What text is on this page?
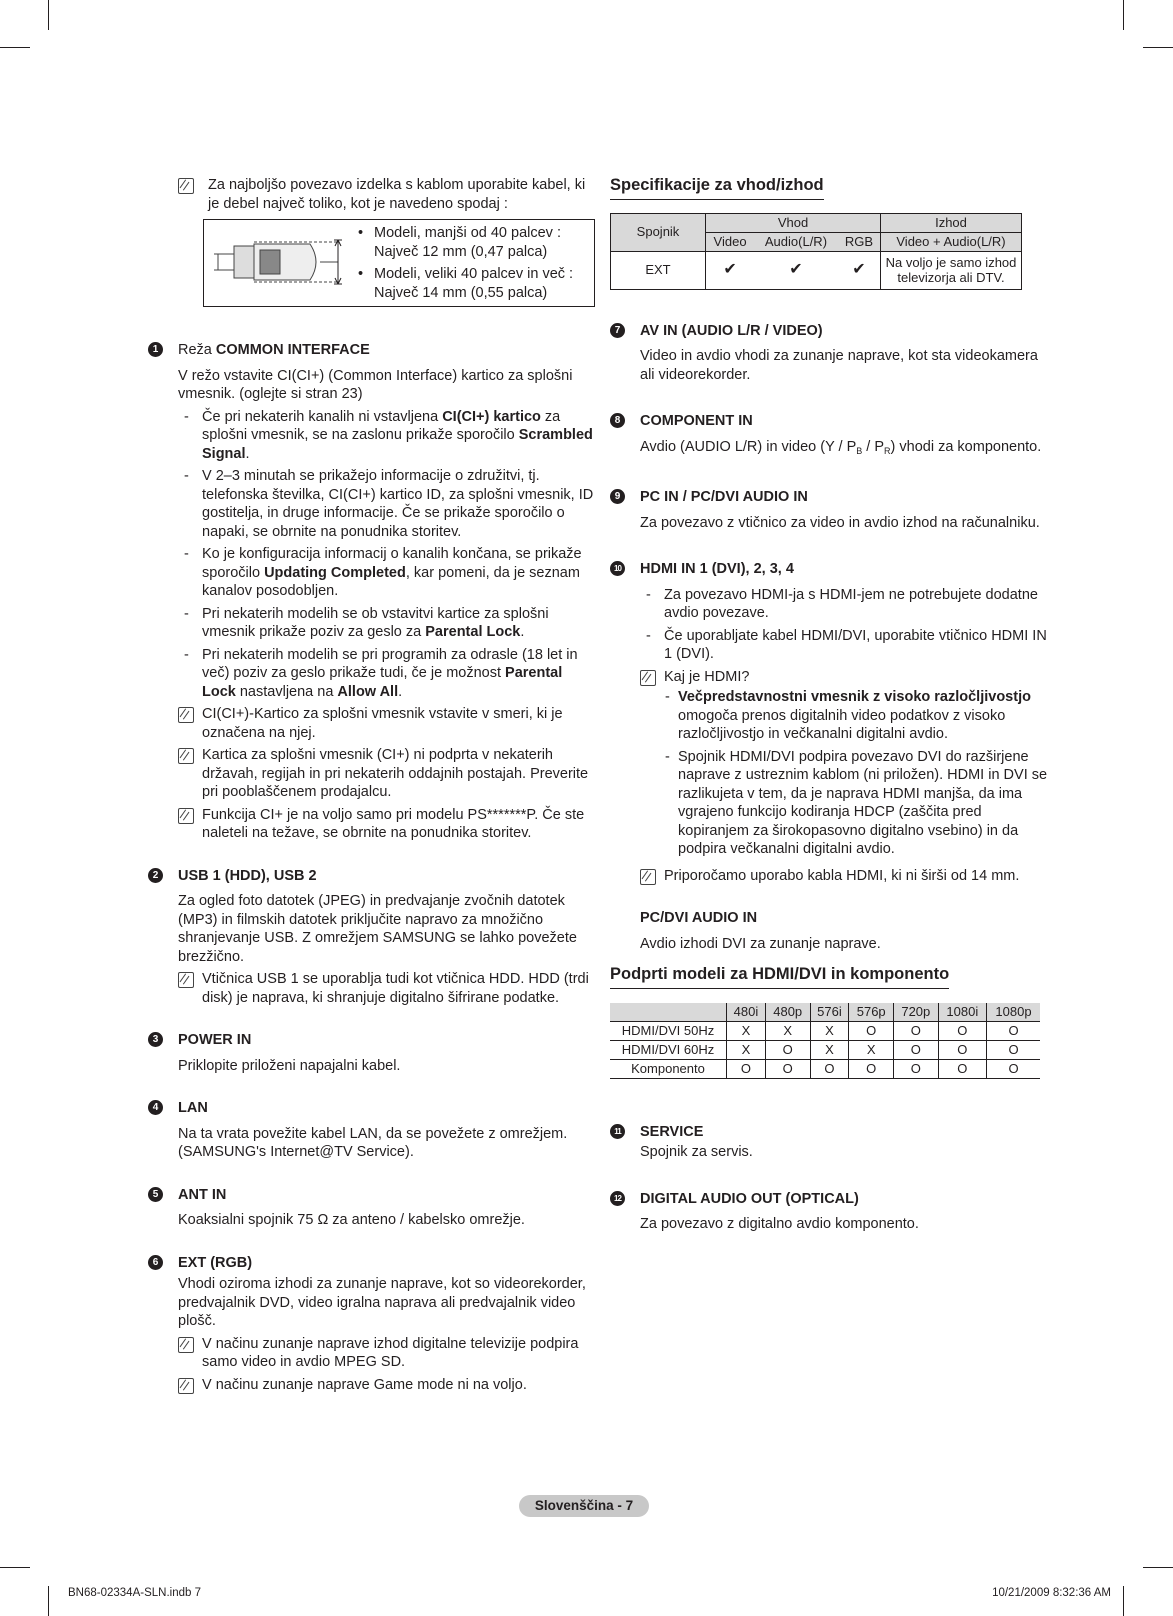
Za najboljšo povezavo izdelka s kablom uporabite kabel, ki je debel največ toliko, kot je navedeno spodaj :
• Modeli, manjši od 40 palcev : Največ 12 mm (0,47 palca)
• Modeli, veliki 40 palcev in več : Največ 14 mm (0,55 palca)
1	Reža COMMON INTERFACE
V režo vstavite CI(CI+) (Common Interface) kartico za splošni vmesnik. (oglejte si stran 23)
- Če pri nekaterih kanalih ni vstavljena CI(CI+) kartico za splošni vmesnik, se na zaslonu prikaže sporočilo Scrambled Signal.
- V 2–3 minutah se prikažejo informacije o združitvi, tj. telefonska številka, CI(CI+) kartico ID, za splošni vmesnik, ID gostitelja, in druge informacije. Če se prikaže sporočilo o napaki, se obrnite na ponudnika storitev.
- Ko je konfiguracija informacij o kanalih končana, se prikaže sporočilo Updating Completed, kar pomeni, da je seznam kanalov posodobljen.
- Pri nekaterih modelih se ob vstavitvi kartice za splošni vmesnik prikaže poziv za geslo za Parental Lock.
- Pri nekaterih modelih se pri programih za odrasle (18 let in več) poziv za geslo prikaže tudi, če je možnost Parental Lock nastavljena na Allow All.
CI(CI+)-Kartico za splošni vmesnik vstavite v smeri, ki je označena na njej.
Kartica za splošni vmesnik (CI+) ni podprta v nekaterih državah, regijah in pri nekaterih oddajnih postajah. Preverite pri pooblaščenem prodajalcu.
Funkcija CI+ je na voljo samo pri modelu PS*******P. Če ste naleteli na težave, se obrnite na ponudnika storitev.
2	USB 1 (HDD), USB 2
Za ogled foto datotek (JPEG) in predvajanje zvočnih datotek (MP3) in filmskih datotek priključite napravo za množično shranjevanje USB. Z omrežjem SAMSUNG se lahko povežete brezžično.
Vtičnica USB 1 se uporablja tudi kot vtičnica HDD. HDD (trdi disk) je naprava, ki shranjuje digitalno šifrirane podatke.
3	POWER IN
Priklopite priloženi napajalni kabel.
4	LAN
Na ta vrata povežite kabel LAN, da se povežete z omrežjem. (SAMSUNG's Internet@TV Service).
5	ANT IN
Koaksialni spojnik 75 Ω za anteno / kabelsko omrežje.
6	EXT (RGB)
Vhodi oziroma izhodi za zunanje naprave, kot so videorekorder, predvajalnik DVD, video igralna naprava ali predvajalnik video plošč.
V načinu zunanje naprave izhod digitalne televizije podpira samo video in avdio MPEG SD.
V načinu zunanje naprave Game mode ni na voljo.
Specifikacije za vhod/izhod
Spojnik	Vhod			Izhod
	Video	Audio(L/R)	RGB	Video + Audio(L/R)
EXT	✔	✔	✔	Na voljo je samo izhod televizorja ali DTV.
7	AV IN (AUDIO L/R / VIDEO)
Video in avdio vhodi za zunanje naprave, kot sta videokamera ali videorekorder.
8	COMPONENT IN
Avdio (AUDIO L/R) in video $(Y / P_B / P_R)$ vhodi za komponento.
9	PC IN / PC/DVI AUDIO IN
Za povezavo z vtičnico za video in avdio izhod na računalniku.
10 HDMI IN 1 (DVI), 2, 3, 4
- Za povezavo HDMI-ja s HDMI-jem ne potrebujete dodatne avdio povezave.
- Če uporabljate kabel HDMI/DVI, uporabite vtičnico HDMI IN 1 (DVI).
Kaj je HDMI?
- Večpredstavnostni vmesnik z visoko razločljivostjo omogoča prenos digitalnih video podatkov z visoko razločljivostjo in večkanalni digitalni avdio.
- Spojnik HDMI/DVI podpira povezavo DVI do razširjene naprave z ustreznim kablom (ni priložen). HDMI in DVI se razlikujeta v tem, da je naprava HDMI manjša, da ima vgrajeno funkcijo kodiranja HDCP (zaščita pred kopiranjem za širokopasovno digitalno vsebino) in da podpira večkanalni digitalni avdio.
Priporočamo uporabo kabla HDMI, ki ni širši od 14 mm.
PC/DVI AUDIO IN
Avdio izhodi DVI za zunanje naprave.
Podprti modeli za HDMI/DVI in komponento
	480i	480p	576i	576p	720p	1080i	1080p
HDMI/DVI 50Hz	X	X	X	O	O	O	O
HDMI/DVI 60Hz	X	O	X	X	O	O	O
Komponento	O	O	O	O	O	O	O
11 SERVICE
Spojnik za servis.
12 DIGITAL AUDIO OUT (OPTICAL)
Za povezavo z digitalno avdio komponento.
Slovenščina - 7
BN68-02334A-SLN.indb 7	10/21/2009 8:32:36 AM
